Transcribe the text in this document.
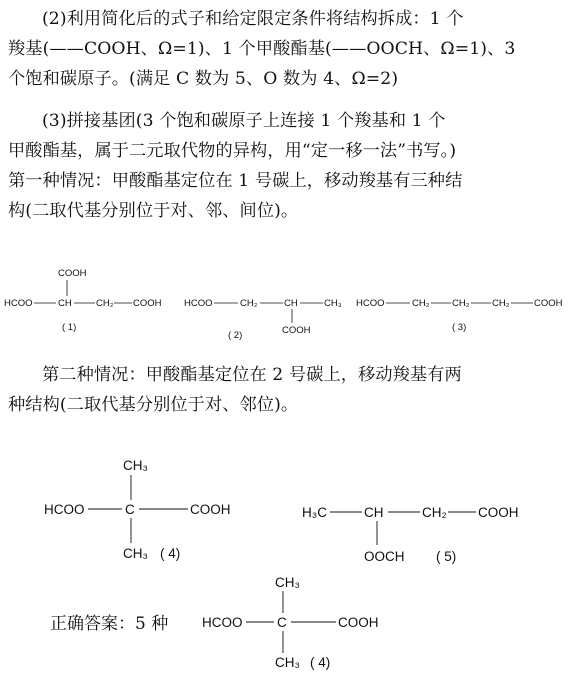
(2)利用简化后的式子和给定限定条件将结构拆成：1 个
羧基(——COOH、Ω=1)、1 个甲酸酯基(——OOCH、Ω=1)、3
个饱和碳原子。(满足 C 数为 5、O 数为 4、Ω=2)
(3)拼接基团(3 个饱和碳原子上连接 1 个羧基和 1 个
甲酸酯基，属于二元取代物的异构，用“定一移一法”书写。)
第一种情况：甲酸酯基定位在 1 号碳上，移动羧基有三种结
构(二取代基分别位于对、邻、间位)。
COOH
HCOO	CH	CH₂ COOH
( 1)
HCOO	CH₂	CH	CH₃
COOH
( 2)
HCOO	CH₂ CH₂ CH₂	COOH
( 3)
第二种情况：甲酸酯基定位在 2 号碳上，移动羧基有两
种结构(二取代基分别位于对、邻位)。
CH₃
HCOO	C	COOH
CH₃ ( 4)
H₃C	CH	CH₂ COOH
OOCH ( 5)
正确答案：5 种
CH₃
HCOO	C	COOH
CH₃ ( 4)
